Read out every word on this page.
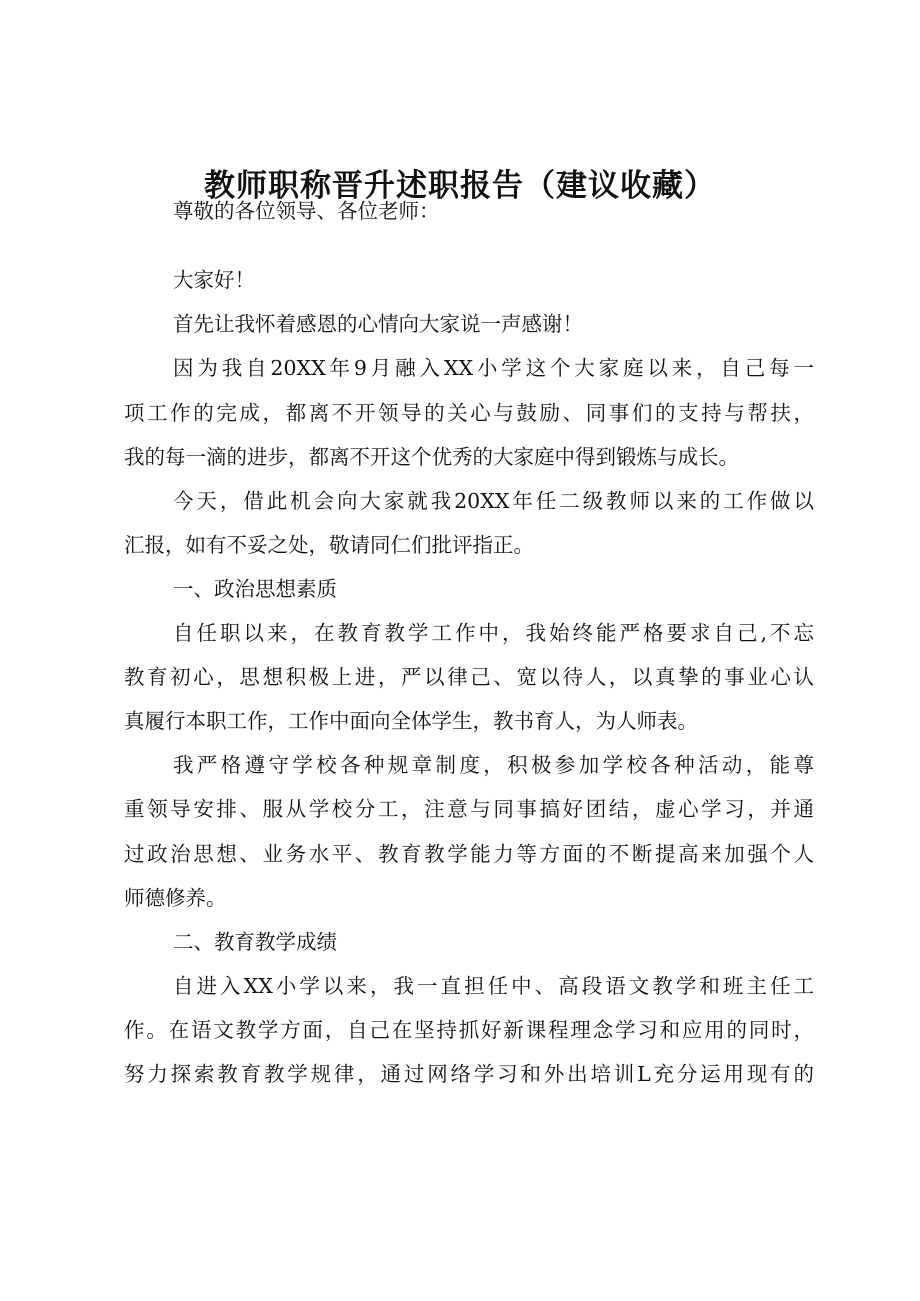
教师职称晋升述职报告（建议收藏）

尊敬的各位领导、各位老师：

大家好！

首先让我怀着感恩的心情向大家说一声感谢！

因为我自20XX年9月融入XX小学这个大家庭以来，自己每一

项工作的完成，都离不开领导的关心与鼓励、同事们的支持与帮扶，

我的每一滴的进步，都离不开这个优秀的大家庭中得到锻炼与成长。

今天，借此机会向大家就我20XX年任二级教师以来的工作做以

汇报，如有不妥之处，敬请同仁们批评指正。

一、政治思想素质

自任职以来，在教育教学工作中，我始终能严格要求自己,不忘

教育初心，思想积极上进，严以律己、宽以待人，以真挚的事业心认

真履行本职工作，工作中面向全体学生，教书育人，为人师表。

我严格遵守学校各种规章制度，积极参加学校各种活动，能尊

重领导安排、服从学校分工，注意与同事搞好团结，虚心学习，并通

过政治思想、业务水平、教育教学能力等方面的不断提高来加强个人

师德修养。

二、教育教学成绩

自进入XX小学以来，我一直担任中、高段语文教学和班主任工

作。在语文教学方面，自己在坚持抓好新课程理念学习和应用的同时，

努力探索教育教学规律，通过网络学习和外出培训L充分运用现有的
